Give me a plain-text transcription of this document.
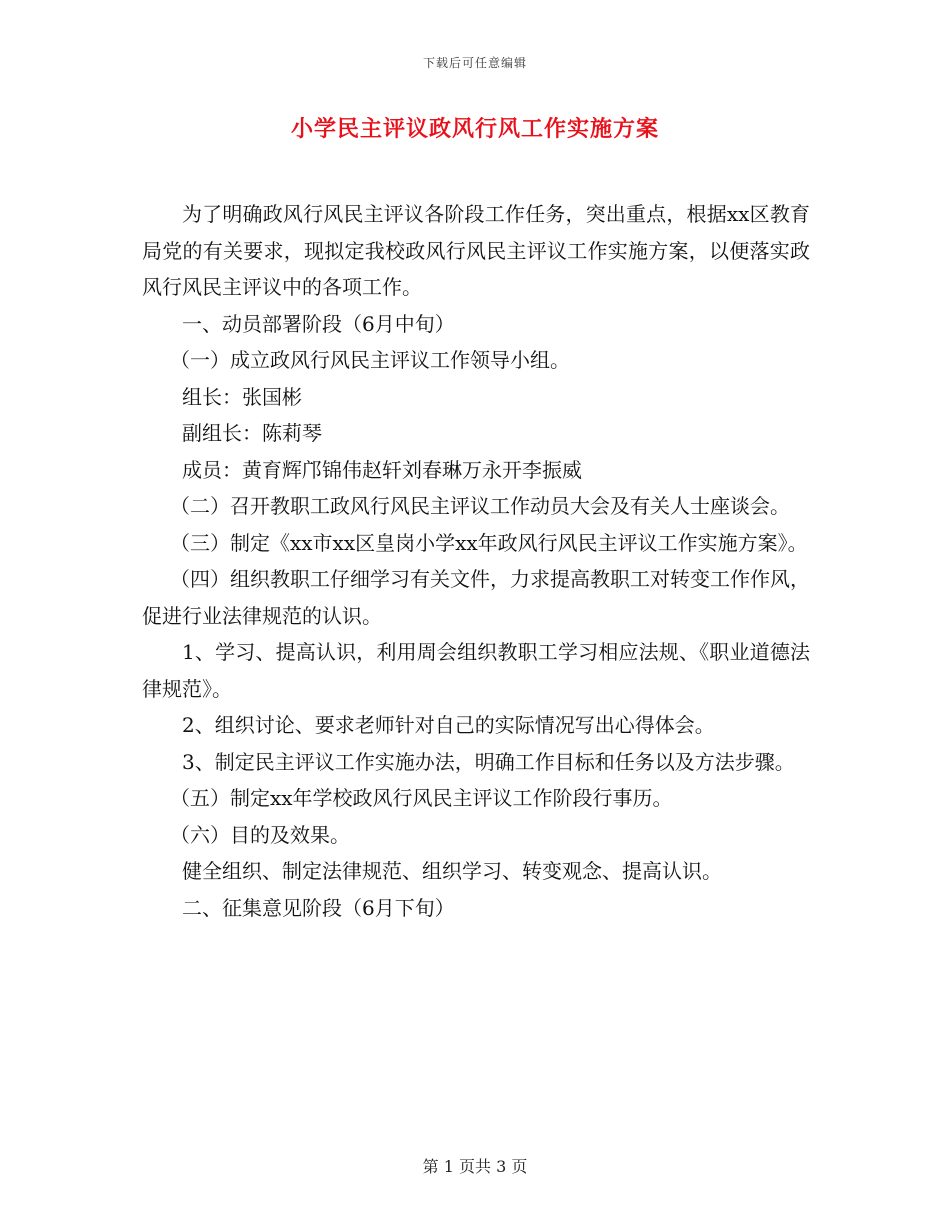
下载后可任意编辑
小学民主评议政风行风工作实施方案

为了明确政风行风民主评议各阶段工作任务，突出重点，根据xx区教育局党的有关要求，现拟定我校政风行风民主评议工作实施方案，以便落实政风行风民主评议中的各项工作。

一、动员部署阶段（6月中旬）

（一）成立政风行风民主评议工作领导小组。

组长：张国彬

副组长：陈莉琴

成员：黄育辉邝锦伟赵轩刘春琳万永开李振威

（二）召开教职工政风行风民主评议工作动员大会及有关人士座谈会。

（三）制定《xx市xx区皇岗小学xx年政风行风民主评议工作实施方案》。

（四）组织教职工仔细学习有关文件，力求提高教职工对转变工作作风，促进行业法律规范的认识。

1、学习、提高认识，利用周会组织教职工学习相应法规、《职业道德法律规范》。

2、组织讨论、要求老师针对自己的实际情况写出心得体会。

3、制定民主评议工作实施办法，明确工作目标和任务以及方法步骤。

（五）制定xx年学校政风行风民主评议工作阶段行事历。

（六）目的及效果。

健全组织、制定法律规范、组织学习、转变观念、提高认识。

二、征集意见阶段（6月下旬）

第 1 页共 3 页
